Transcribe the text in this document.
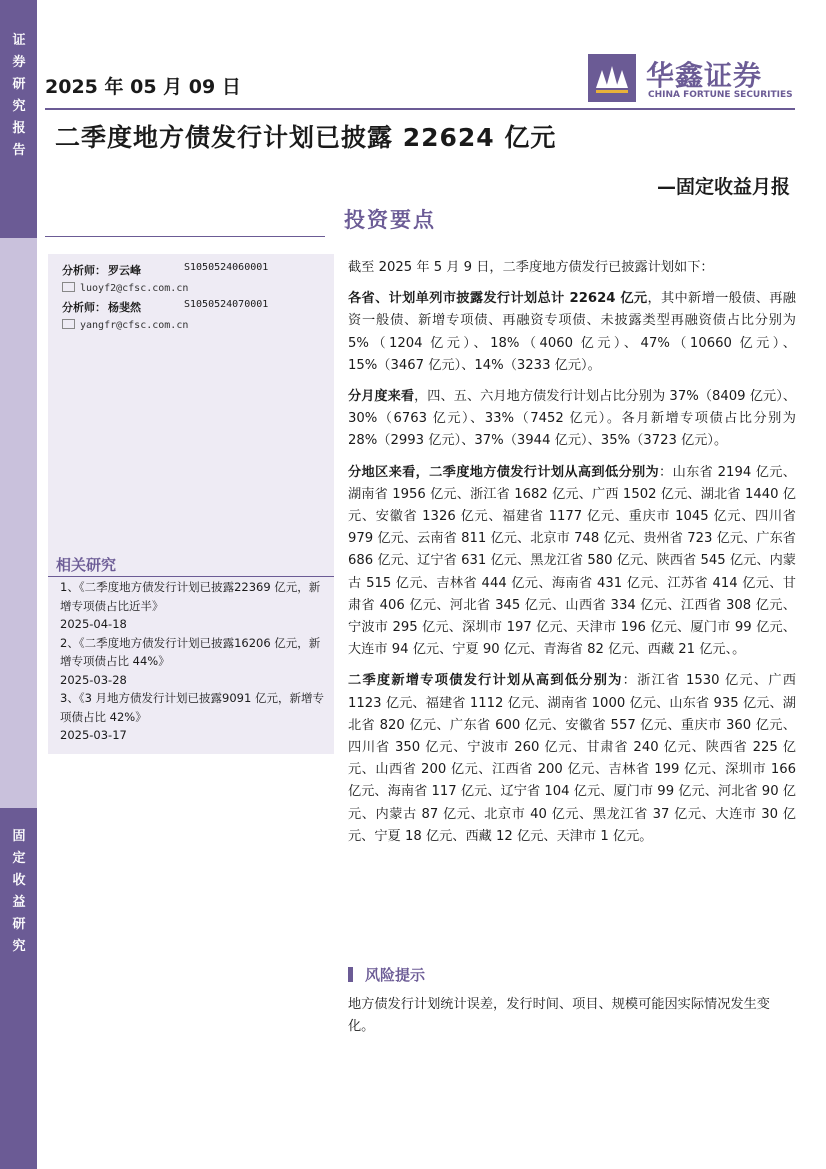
证券研究报告
固定收益研究
2025 年 05 月 09 日	华鑫证券
CHINA FORTUNE SECURITIES
二季度地方债发行计划已披露 22624 亿元
—固定收益月报
投资要点
分析师： 罗云峰	S1050524060001
luoyf2@cfsc.com.cn
分析师： 杨斐然	S1050524070001
yangfr@cfsc.com.cn
相关研究

1、《二季度地方债发行计划已披露22369 亿元，新增专项债占比近半》

2025-04-18

2、《二季度地方债发行计划已披露16206 亿元，新增专项债占比 44%》

2025-03-28

3、《3 月地方债发行计划已披露9091 亿元，新增专项债占比 42%》

2025-03-17

截至 2025 年 5 月 9 日，二季度地方债发行已披露计划如下：

各省、计划单列市披露发行计划总计 22624 亿元，其中新增一般债、再融资一般债、新增专项债、再融资专项债、未披露类型再融资债占比分别为 5%（1204 亿元）、18%（4060 亿元）、47%（10660 亿元）、15%（3467 亿元）、14%（3233 亿元）。

分月度来看，四、五、六月地方债发行计划占比分别为 37%（8409 亿元）、30%（6763 亿元）、33%（7452 亿元）。各月新增专项债占比分别为 28%（2993 亿元）、37%（3944 亿元）、35%（3723 亿元）。

分地区来看，二季度地方债发行计划从高到低分别为：山东省 2194 亿元、湖南省 1956 亿元、浙江省 1682 亿元、广西 1502 亿元、湖北省 1440 亿元、安徽省 1326 亿元、福建省 1177 亿元、重庆市 1045 亿元、四川省 979 亿元、云南省 811 亿元、北京市 748 亿元、贵州省 723 亿元、广东省 686 亿元、辽宁省 631 亿元、黑龙江省 580 亿元、陕西省 545 亿元、内蒙古 515 亿元、吉林省 444 亿元、海南省 431 亿元、江苏省 414 亿元、甘肃省 406 亿元、河北省 345 亿元、山西省 334 亿元、江西省 308 亿元、宁波市 295 亿元、深圳市 197 亿元、天津市 196 亿元、厦门市 99 亿元、大连市 94 亿元、宁夏 90 亿元、青海省 82 亿元、西藏 21 亿元、。

二季度新增专项债发行计划从高到低分别为：浙江省 1530 亿元、广西 1123 亿元、福建省 1112 亿元、湖南省 1000 亿元、山东省 935 亿元、湖北省 820 亿元、广东省 600 亿元、安徽省 557 亿元、重庆市 360 亿元、四川省 350 亿元、宁波市 260 亿元、甘肃省 240 亿元、陕西省 225 亿元、山西省 200 亿元、江西省 200 亿元、吉林省 199 亿元、深圳市 166 亿元、海南省 117 亿元、辽宁省 104 亿元、厦门市 99 亿元、河北省 90 亿元、内蒙古 87 亿元、北京市 40 亿元、黑龙江省 37 亿元、大连市 30 亿元、宁夏 18 亿元、西藏 12 亿元、天津市 1 亿元。

风险提示
地方债发行计划统计误差，发行时间、项目、规模可能因实际情况发生变化。
